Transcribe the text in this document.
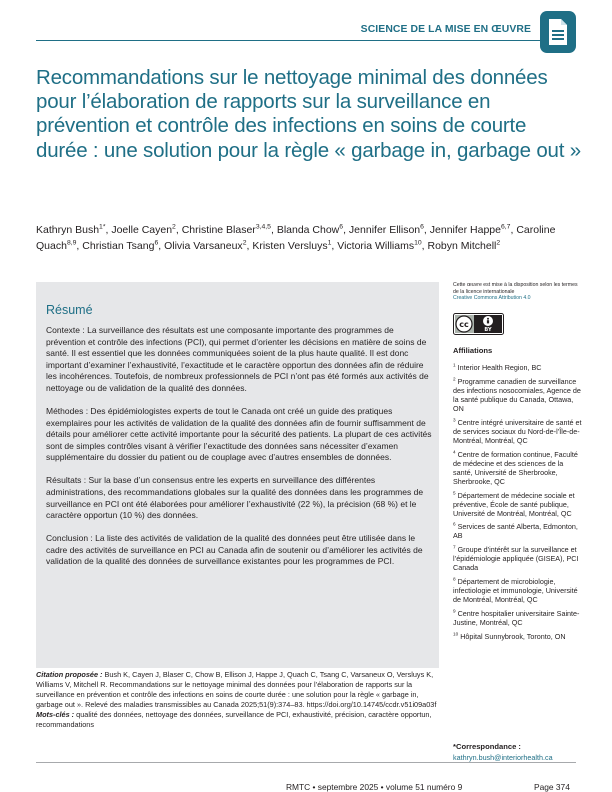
SCIENCE DE LA MISE EN ŒUVRE
Recommandations sur le nettoyage minimal des données pour l’élaboration de rapports sur la surveillance en prévention et contrôle des infections en soins de courte durée : une solution pour la règle « garbage in, garbage out »
Kathryn Bush$^{1*}$, Joelle Cayen$^2$, Christine Blaser$^{3,4,5}$, Blanda Chow$^6$, Jennifer Ellison$^6$, Jennifer Happe$^{6,7}$, Caroline Quach$^{8,9}$, Christian Tsang$^6$, Olivia Varsaneux$^2$, Kristen Versluys$^1$, Victoria Williams$^{10}$, Robyn Mitchell$^2$
Résumé

Contexte : La surveillance des résultats est une composante importante des programmes de prévention et contrôle des infections (PCI), qui permet d’orienter les décisions en matière de soins de santé. Il est essentiel que les données communiquées soient de la plus haute qualité. Il est donc important d’examiner l’exhaustivité, l’exactitude et le caractère opportun des données afin de réduire les incohérences. Toutefois, de nombreux professionnels de PCI n’ont pas été formés aux activités de nettoyage ou de validation de la qualité des données.

Méthodes : Des épidémiologistes experts de tout le Canada ont créé un guide des pratiques exemplaires pour les activités de validation de la qualité des données afin de fournir suffisamment de détails pour améliorer cette activité importante pour la sécurité des patients. La plupart de ces activités sont de simples contrôles visant à vérifier l’exactitude des données sans nécessiter d’examen supplémentaire du dossier du patient ou de couplage avec d’autres ensembles de données.

Résultats : Sur la base d’un consensus entre les experts en surveillance des différentes administrations, des recommandations globales sur la qualité des données dans les programmes de surveillance en PCI ont été élaborées pour améliorer l’exhaustivité (22 %), la précision (68 %) et le caractère opportun (10 %) des données.

Conclusion : La liste des activités de validation de la qualité des données peut être utilisée dans le cadre des activités de surveillance en PCI au Canada afin de soutenir ou d’améliorer les activités de validation de la qualité des données de surveillance existantes pour les programmes de PCI.

Citation proposée : Bush K, Cayen J, Blaser C, Chow B, Ellison J, Happe J, Quach C, Tsang C, Varsaneux O, Versluys K, Williams V, Mitchell R. Recommandations sur le nettoyage minimal des données pour l’élaboration de rapports sur la surveillance en prévention et contrôle des infections en soins de courte durée : une solution pour la règle « garbage in, garbage out ». Relevé des maladies transmissibles au Canada 2025;51(9):374–83. https://doi.org/10.14745/ccdr.v51i09a03f
Mots-clés : qualité des données, nettoyage des données, surveillance de PCI, exhaustivité, précision, caractère opportun, recommandations
Cette œuvre est mise à la disposition selon les termes de la licence internationale
Creative Commons Attribution 4.0
cc
BY
Affiliations
$^1$ Interior Health Region, BC
$^2$ Programme canadien de surveillance des infections nosocomiales, Agence de la santé publique du Canada, Ottawa, ON
$^3$ Centre intégré universitaire de santé et de services sociaux du Nord-de-l’Île-de-Montréal, Montréal, QC
$^4$ Centre de formation continue, Faculté de médecine et des sciences de la santé, Université de Sherbrooke, Sherbrooke, QC
$^5$ Département de médecine sociale et préventive, École de santé publique, Université de Montréal, Montréal, QC
$^6$ Services de santé Alberta, Edmonton, AB
$^7$ Groupe d’intérêt sur la surveillance et l’épidémiologie appliquée (GISEA), PCI Canada
$^8$ Département de microbiologie, infectiologie et immunologie, Université de Montréal, Montréal, QC
$^9$ Centre hospitalier universitaire Sainte-Justine, Montréal, QC
$^{10}$ Hôpital Sunnybrook, Toronto, ON
*Correspondance :
kathryn.bush@interiorhealth.ca
RMTC • septembre 2025 • volume 51 numéro 9	Page 374
